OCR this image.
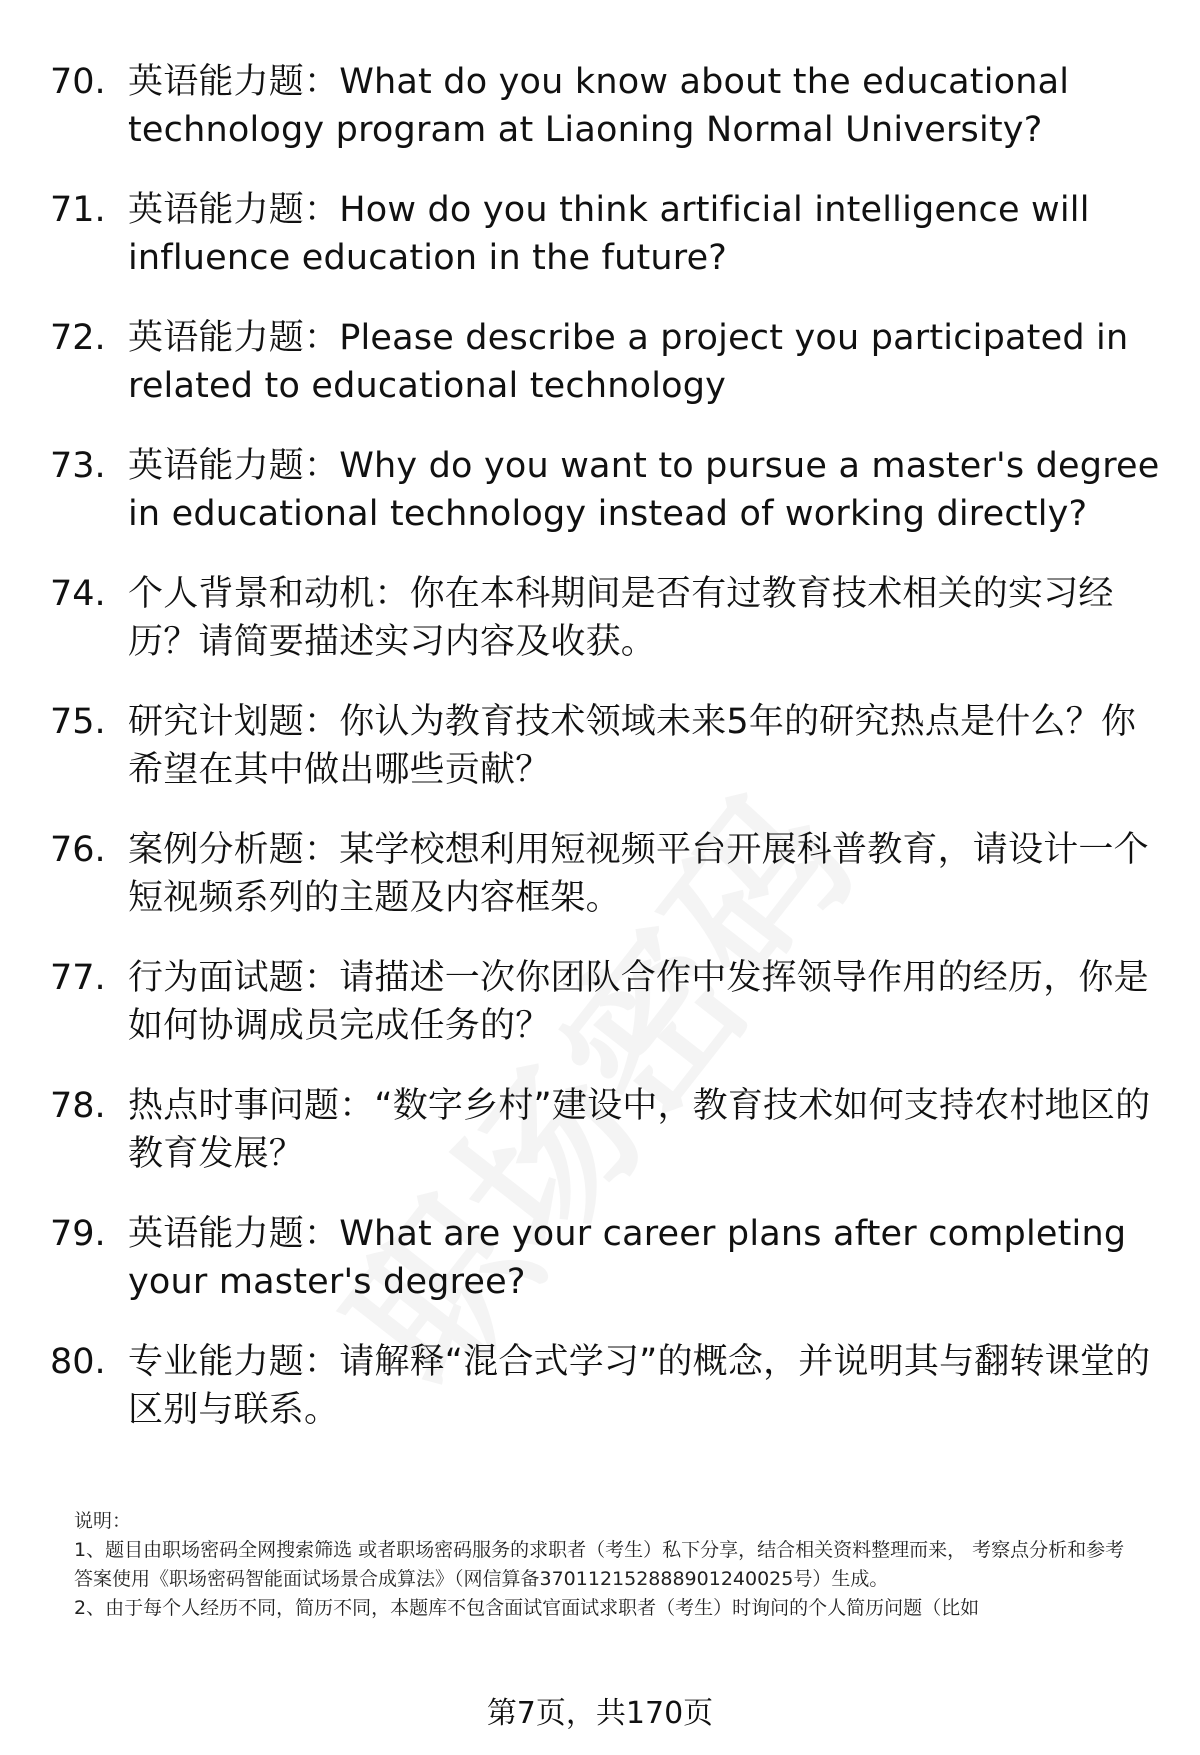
70. 英语能力题：What do you know about the educational technology program at Liaoning Normal University?
71. 英语能力题：How do you think artificial intelligence will influence education in the future?
72. 英语能力题：Please describe a project you participated in related to educational technology
73. 英语能力题：Why do you want to pursue a master's degree in educational technology instead of working directly?
74. 个人背景和动机：你在本科期间是否有过教育技术相关的实习经历？请简要描述实习内容及收获。
75. 研究计划题：你认为教育技术领域未来5年的研究热点是什么？你希望在其中做出哪些贡献？
76. 案例分析题：某学校想利用短视频平台开展科普教育，请设计一个短视频系列的主题及内容框架。
77. 行为面试题：请描述一次你团队合作中发挥领导作用的经历，你是如何协调成员完成任务的？
78. 热点时事问题：“数字乡村”建设中，教育技术如何支持农村地区的教育发展？
79. 英语能力题：What are your career plans after completing your master's degree?
80. 专业能力题：请解释“混合式学习”的概念，并说明其与翻转课堂的区别与联系。
说明：
1、题目由职场密码全网搜索筛选 或者职场密码服务的求职者（考生）私下分享，结合相关资料整理而来， 考察点分析和参考答案使用《职场密码智能面试场景合成算法》（网信算备370112152888901240025号）生成。
2、由于每个人经历不同，简历不同，本题库不包含面试官面试求职者（考生）时询问的个人简历问题（比如
第7页，共170页
